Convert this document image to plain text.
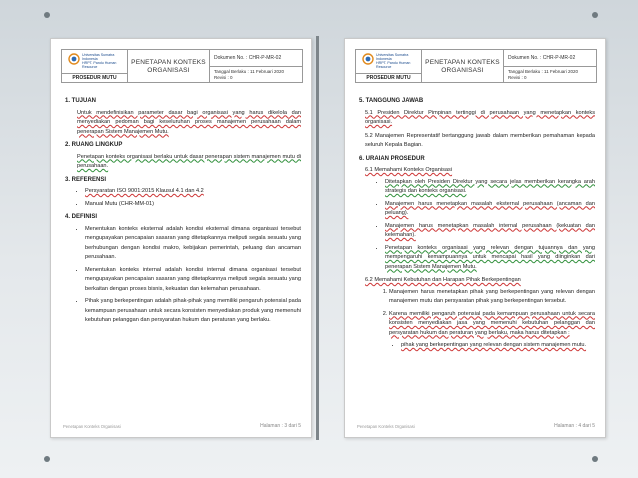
Universitas Sumatra Indonesia
HRPT. Pandu Human Resource
PROSEDUR MUTU
PENETAPAN KONTEKS
ORGANISASI
Dokumen No. : CHR-P-MR-02
Tanggal Berlaku : 11 Februari 2020
Revisi : 0
1. TUJUAN
Untuk mendefinisikan parameter dasar bagi organisasi yang harus dikelola dan menyediakan pedoman bagi keseluruhan proses manajemen perusahaan dalam penerapan Sistem Manajemen Mutu.
2. RUANG LINGKUP
Penetapan konteks organisasi berlaku untuk dasar penerapan sistem manajemen mutu di perusahaan.
3. REFERENSI
• Persyaratan ISO 9001:2015 Klausul 4.1 dan 4.2
• Manual Mutu (CHR-MM-01)
4. DEFINISI
• Menentukan konteks eksternal adalah kondisi eksternal dimana organisasi tersebut mengupayakan pencapaian sasaran yang ditetapkannya meliputi segala sesuatu yang berhubungan dengan kondisi makro, kebijakan pemerintah, peluang dan ancaman perusahaan.
• Menentukan konteks internal adalah kondisi internal dimana organisasi tersebut mengupayakan pencapaian sasaran yang ditetapkannya meliputi segala sesuatu yang berkaitan dengan proses bisnis, kekuatan dan kelemahan perusahaan.
• Pihak yang berkepentingan adalah pihak-pihak yang memiliki pengaruh potensial pada kemampuan perusahaan untuk secara konsisten menyediakan produk yang memenuhi kebutuhan pelanggan dan persyaratan hukum dan peraturan yang berlaku.
Penetapan Konteks Organisasi	Halaman : 3 dari 5
Universitas Sumatra Indonesia
HRPT. Pandu Human Resource
PROSEDUR MUTU
PENETAPAN KONTEKS
ORGANISASI
Dokumen No. : CHR-P-MR-02
Tanggal Berlaku : 11 Februari 2020
Revisi : 0
5. TANGGUNG JAWAB
5.1 Presiden Direktur Pimpinan tertinggi di perusahaan yang menetapkan konteks organisasi.
5.2 Manajemen Representatif bertanggung jawab dalam memberikan pemahaman kepada seluruh Kepala Bagian.
6. URAIAN PROSEDUR
6.1 Memahami Konteks Organisasi
• Ditetapkan oleh Presiden Direktur yang secara jelas memberikan kerangka arah strategis dan konteks organisasi.
• Manajemen harus menetapkan masalah eksternal perusahaan (ancaman dan peluang).
• Manajemen harus menetapkan masalah internal perusahaan (kekuatan dan kelemahan).
• Penetapan konteks organisasi yang relevan dengan tujuannya dan yang mempengaruhi kemampuannya untuk mencapai hasil yang diinginkan dari penerapan Sistem Manajemen Mutu.
6.2 Memahami Kebutuhan dan Harapan Pihak Berkepentingan
1. Manajemen harus menetapkan pihak yang berkepentingan yang relevan dengan manajemen mutu dan persyaratan pihak yang berkepentingan tersebut.
2. Karena memiliki pengaruh potensial pada kemampuan perusahaan untuk secara konsisten menyediakan jasa yang memenuhi kebutuhan pelanggan dan persyaratan hukum dan peraturan yang berlaku, maka harus ditetapkan :
• pihak yang berkepentingan yang relevan dengan sistem manajemen mutu.
Penetapan Konteks Organisasi	Halaman : 4 dari 5
